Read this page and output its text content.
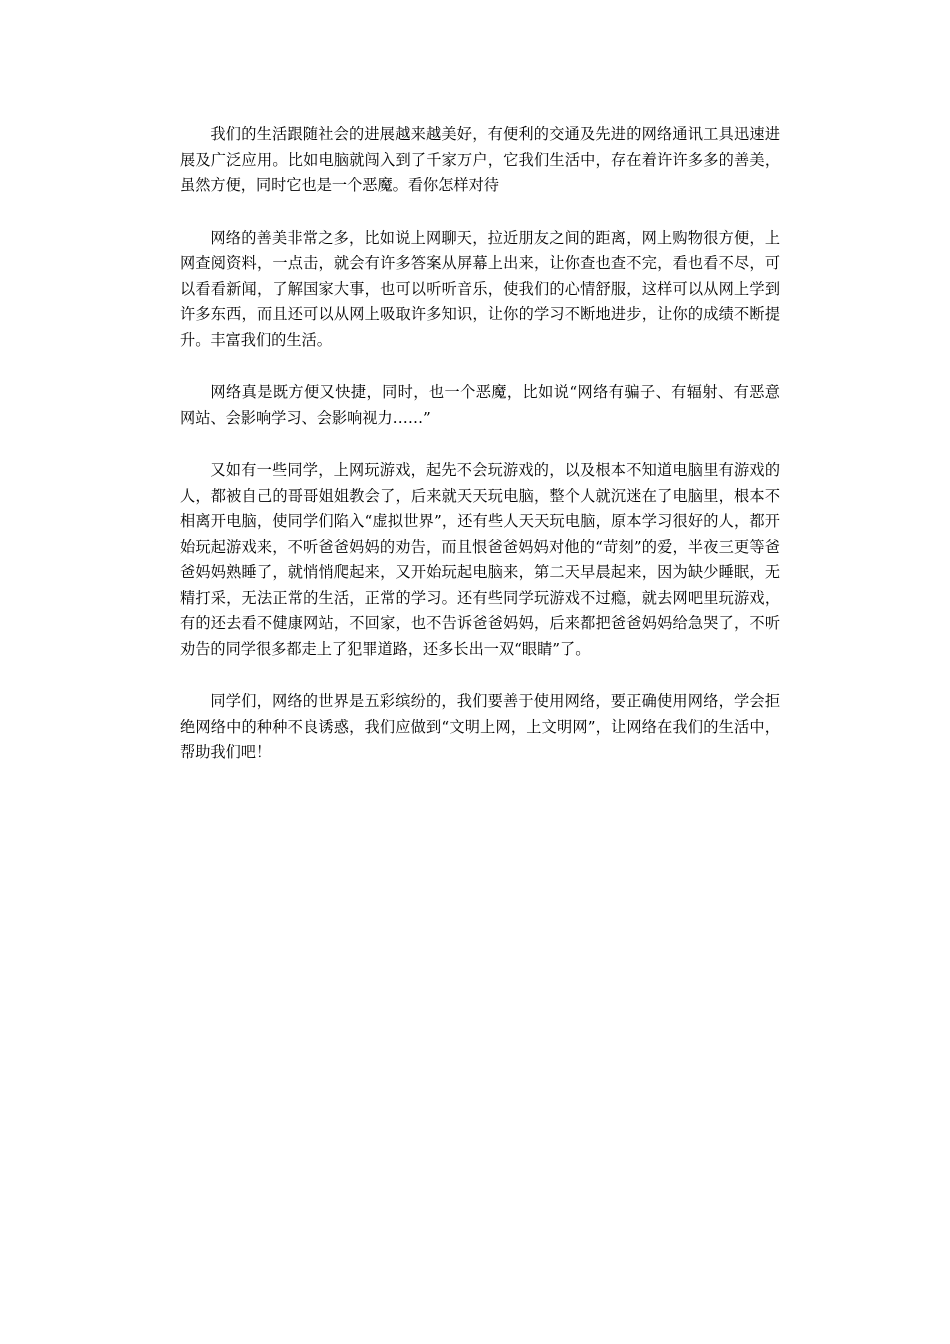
我们的生活跟随社会的进展越来越美好，有便利的交通及先进的网络通讯工具迅速进展及广泛应用。比如电脑就闯入到了千家万户，它我们生活中，存在着许许多多的善美，虽然方便，同时它也是一个恶魔。看你怎样对待

网络的善美非常之多，比如说上网聊天，拉近朋友之间的距离，网上购物很方便，上网查阅资料，一点击，就会有许多答案从屏幕上出来，让你查也查不完，看也看不尽，可以看看新闻，了解国家大事，也可以听听音乐，使我们的心情舒服，这样可以从网上学到许多东西，而且还可以从网上吸取许多知识，让你的学习不断地进步，让你的成绩不断提升。丰富我们的生活。

网络真是既方便又快捷，同时，也一个恶魔，比如说“网络有骗子、有辐射、有恶意网站、会影响学习、会影响视力……”

又如有一些同学，上网玩游戏，起先不会玩游戏的，以及根本不知道电脑里有游戏的人，都被自己的哥哥姐姐教会了，后来就天天玩电脑，整个人就沉迷在了电脑里，根本不相离开电脑，使同学们陷入“虚拟世界”，还有些人天天玩电脑，原本学习很好的人，都开始玩起游戏来，不听爸爸妈妈的劝告，而且恨爸爸妈妈对他的“苛刻”的爱，半夜三更等爸爸妈妈熟睡了，就悄悄爬起来，又开始玩起电脑来，第二天早晨起来，因为缺少睡眠，无精打采，无法正常的生活，正常的学习。还有些同学玩游戏不过瘾，就去网吧里玩游戏，有的还去看不健康网站，不回家，也不告诉爸爸妈妈，后来都把爸爸妈妈给急哭了，不听劝告的同学很多都走上了犯罪道路，还多长出一双“眼睛”了。

同学们，网络的世界是五彩缤纷的，我们要善于使用网络，要正确使用网络，学会拒绝网络中的种种不良诱惑，我们应做到“文明上网，上文明网”，让网络在我们的生活中，帮助我们吧！
